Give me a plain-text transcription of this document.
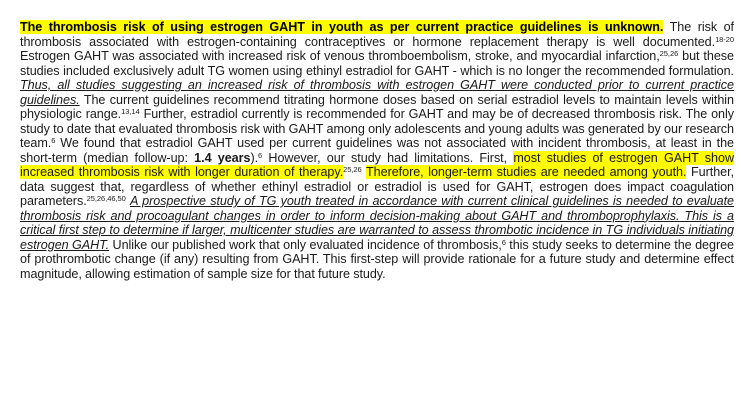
The thrombosis risk of using estrogen GAHT in youth as per current practice guidelines is unknown. The risk of thrombosis associated with estrogen-containing contraceptives or hormone replacement therapy is well documented.$^{18-20}$ Estrogen GAHT was associated with increased risk of venous thromboembolism, stroke, and myocardial infarction,$^{25,26}$ but these studies included exclusively adult TG women using ethinyl estradiol for GAHT - which is no longer the recommended formulation. Thus, all studies suggesting an increased risk of thrombosis with estrogen GAHT were conducted prior to current practice guidelines. The current guidelines recommend titrating hormone doses based on serial estradiol levels to maintain levels within physiologic range.$^{13,14}$ Further, estradiol currently is recommended for GAHT and may be of decreased thrombosis risk. The only study to date that evaluated thrombosis risk with GAHT among only adolescents and young adults was generated by our research team.$^6$ We found that estradiol GAHT used per current guidelines was not associated with incident thrombosis, at least in the short-term (median follow-up: 1.4 years).$^6$ However, our study had limitations. First, most studies of estrogen GAHT show increased thrombosis risk with longer duration of therapy.$^{25,26}$ Therefore, longer-term studies are needed among youth. Further, data suggest that, regardless of whether ethinyl estradiol or estradiol is used for GAHT, estrogen does impact coagulation parameters.$^{25,26,46,50}$ A prospective study of TG youth treated in accordance with current clinical guidelines is needed to evaluate thrombosis risk and procoagulant changes in order to inform decision-making about GAHT and thromboprophylaxis. This is a critical first step to determine if larger, multicenter studies are warranted to assess thrombotic incidence in TG individuals initiating estrogen GAHT. Unlike our published work that only evaluated incidence of thrombosis,$^6$ this study seeks to determine the degree of prothrombotic change (if any) resulting from GAHT. This first-step will provide rationale for a future study and determine effect magnitude, allowing estimation of sample size for that future study.
